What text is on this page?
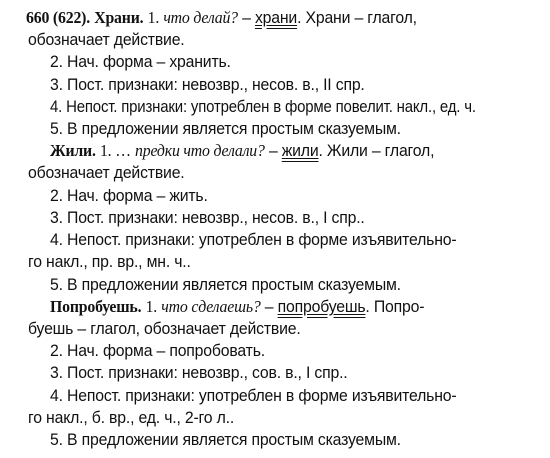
660 (622). Храни. 1. что делай? – храни. Храни – глагол,
обозначает действие.
2. Нач. форма – хранить.
3. Пост. признаки: невозвр., несов. в., II спр.
4. Непост. признаки: употреблен в форме повелит. накл., ед. ч.
5. В предложении является простым сказуемым.
Жили. 1. … предки что делали? – жили. Жили – глагол,
обозначает действие.
2. Нач. форма – жить.
3. Пост. признаки: невозвр., несов. в., I спр..
4. Непост. признаки: употреблен в форме изъявительно-
го накл., пр. вр., мн. ч..
5. В предложении является простым сказуемым.
Попробуешь. 1. что сделаешь? – попробуешь. Попро-
буешь – глагол, обозначает действие.
2. Нач. форма – попробовать.
3. Пост. признаки: невозвр., сов. в., I спр..
4. Непост. признаки: употреблен в форме изъявительно-
го накл., б. вр., ед. ч., 2-го л..
5. В предложении является простым сказуемым.
